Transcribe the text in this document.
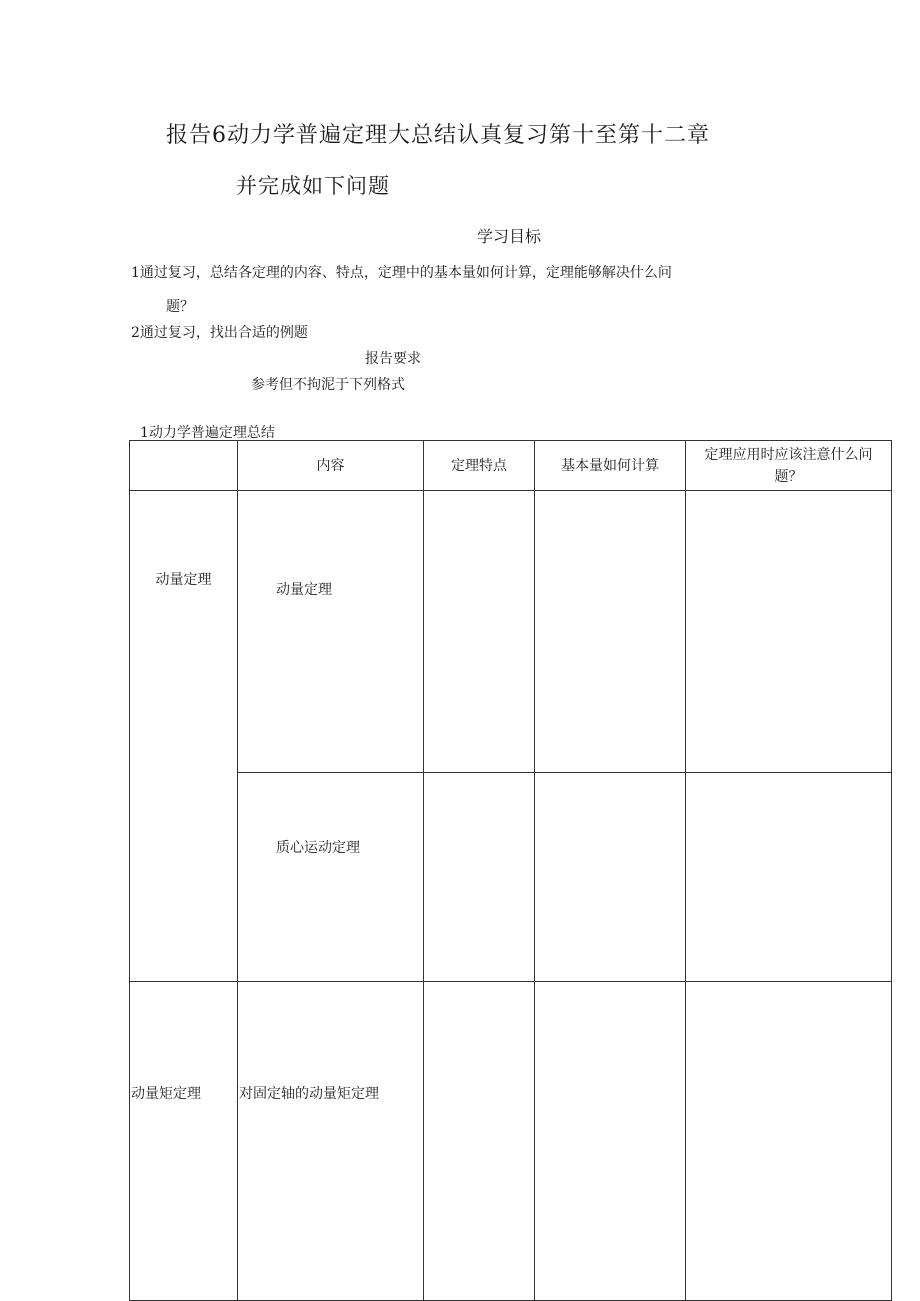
报告6动力学普遍定理大总结认真复习第十至第十二章
并完成如下问题
学习目标
1通过复习，总结各定理的内容、特点，定理中的基本量如何计算，定理能够解决什么问
题？
2通过复习，找出合适的例题
报告要求
参考但不拘泥于下列格式
1动力学普遍定理总结
	内容	定理特点	基本量如何计算	定理应用时应该注意什么问题？
动量定理	动量定理			
	质心运动定理			
动量矩定理	对固定轴的动量矩定理			
